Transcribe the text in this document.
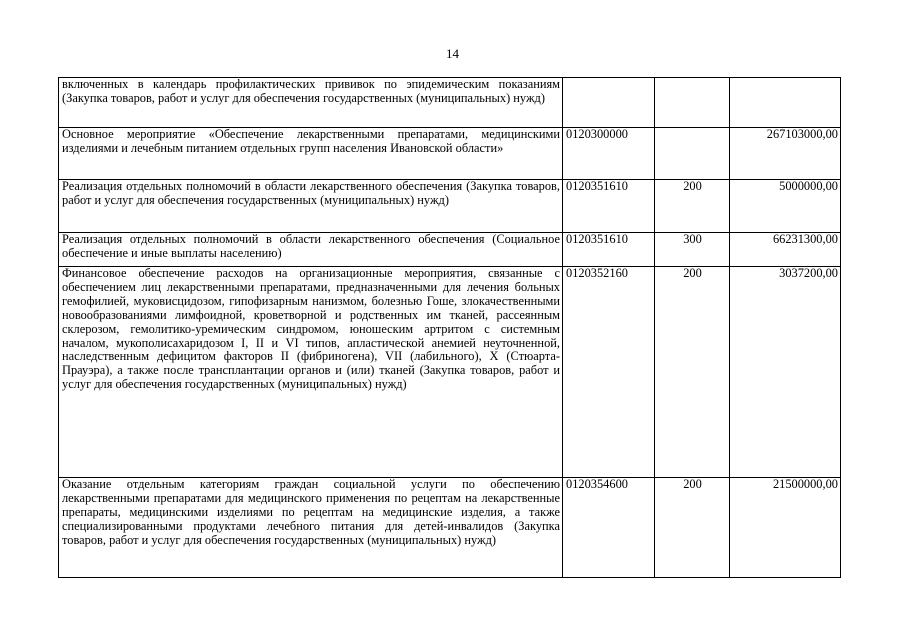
14
включенных в календарь профилактических прививок по эпидемическим показаниям (Закупка товаров, работ и услуг для обеспечения государственных (муниципальных) нужд)			
Основное мероприятие «Обеспечение лекарственными препаратами, медицинскими изделиями и лечебным питанием отдельных групп населения Ивановской области»	0120300000		267103000,00
Реализация отдельных полномочий в области лекарственного обеспечения (Закупка товаров, работ и услуг для обеспечения государственных (муниципальных) нужд)	0120351610	200	5000000,00
Реализация отдельных полномочий в области лекарственного обеспечения (Социальное обеспечение и иные выплаты населению)	0120351610	300	66231300,00
Финансовое обеспечение расходов на организационные мероприятия, связанные с обеспечением лиц лекарственными препаратами, предназначенными для лечения больных гемофилией, муковисцидозом, гипофизарным нанизмом, болезнью Гоше, злокачественными новообразованиями лимфоидной, кроветворной и родственных им тканей, рассеянным склерозом, гемолитико-уремическим синдромом, юношеским артритом с системным началом, мукополисахаридозом I, II и VI типов, апластической анемией неуточненной, наследственным дефицитом факторов II (фибриногена), VII (лабильного), X (Стюарта-Прауэра), а также после трансплантации органов и (или) тканей (Закупка товаров, работ и услуг для обеспечения государственных (муниципальных) нужд)	0120352160	200	3037200,00
Оказание отдельным категориям граждан социальной услуги по обеспечению лекарственными препаратами для медицинского применения по рецептам на лекарственные препараты, медицинскими изделиями по рецептам на медицинские изделия, а также специализированными продуктами лечебного питания для детей-инвалидов (Закупка товаров, работ и услуг для обеспечения государственных (муниципальных) нужд)	0120354600	200	21500000,00
